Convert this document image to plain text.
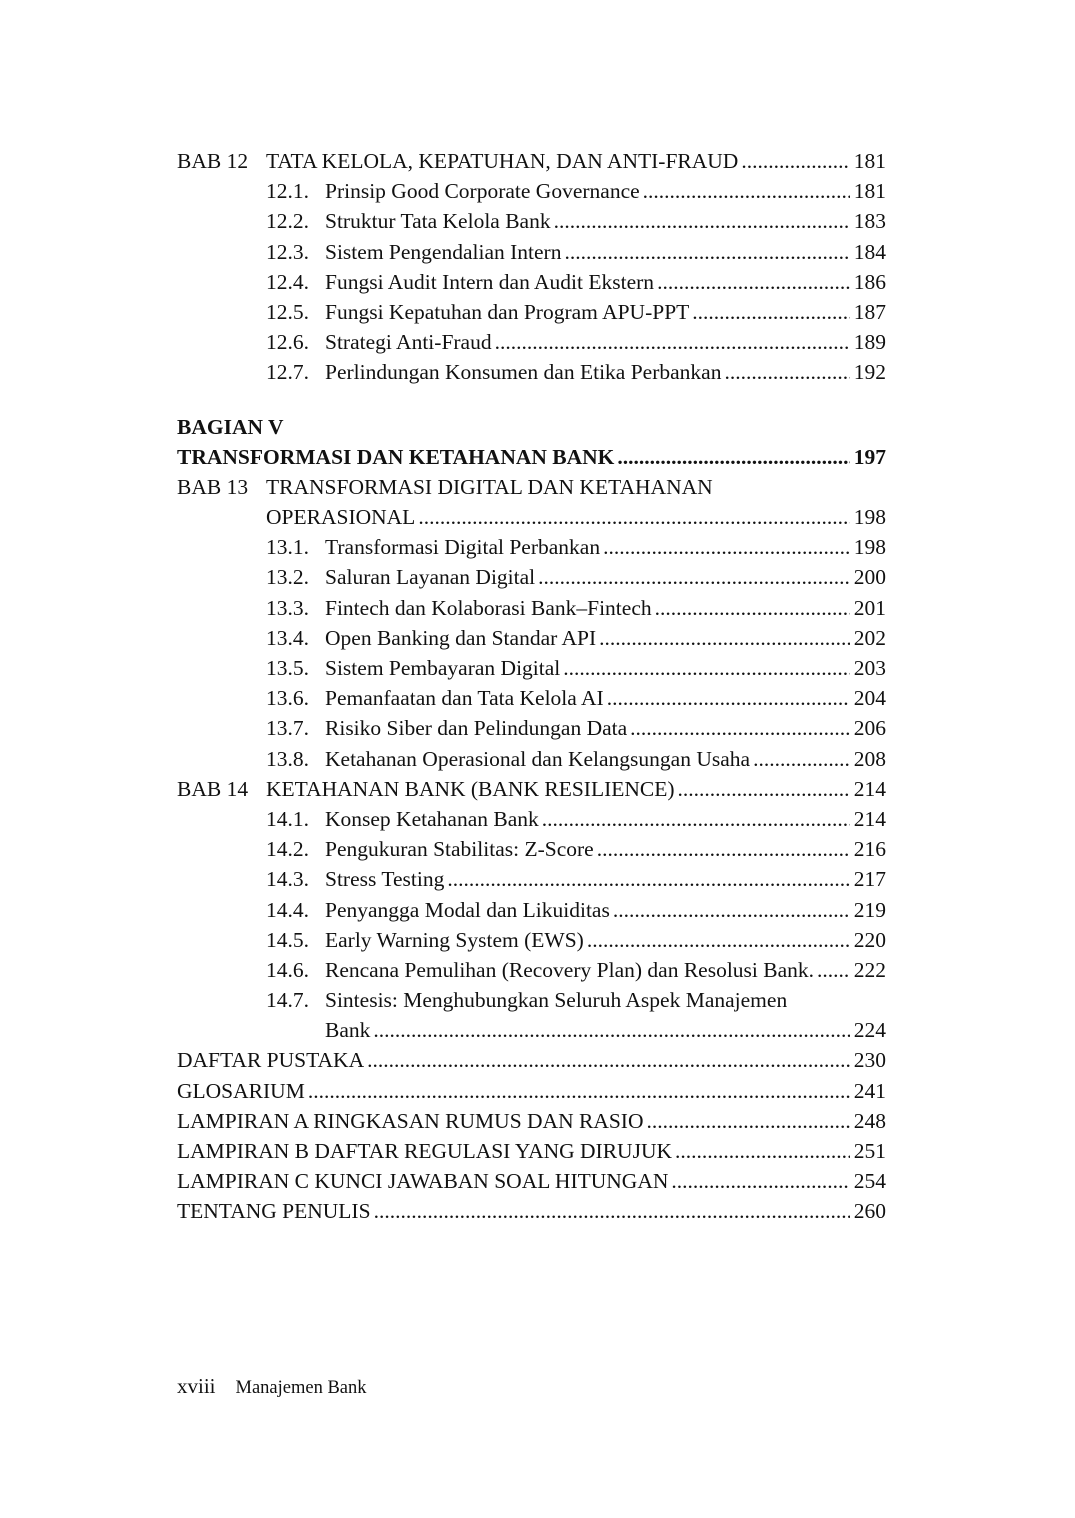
BAB 12 TATA KELOLA, KEPATUHAN, DAN ANTI-FRAUD .....	181
12.1. Prinsip Good Corporate Governance .....	181
12.2. Struktur Tata Kelola Bank .....	183
12.3. Sistem Pengendalian Intern .....	184
12.4. Fungsi Audit Intern dan Audit Ekstern .....	186
12.5. Fungsi Kepatuhan dan Program APU-PPT .....	187
12.6. Strategi Anti-Fraud .....	189
12.7. Perlindungan Konsumen dan Etika Perbankan .....	192
BAGIAN V
TRANSFORMASI DAN KETAHANAN BANK .....	197
BAB 13 TRANSFORMASI DIGITAL DAN KETAHANAN
OPERASIONAL .....	198
13.1. Transformasi Digital Perbankan .....	198
13.2. Saluran Layanan Digital .....	200
13.3. Fintech dan Kolaborasi Bank–Fintech .....	201
13.4. Open Banking dan Standar API .....	202
13.5. Sistem Pembayaran Digital .....	203
13.6. Pemanfaatan dan Tata Kelola AI .....	204
13.7. Risiko Siber dan Pelindungan Data .....	206
13.8. Ketahanan Operasional dan Kelangsungan Usaha .....	208
BAB 14 KETAHANAN BANK (BANK RESILIENCE) .....	214
14.1. Konsep Ketahanan Bank .....	214
14.2. Pengukuran Stabilitas: Z-Score .....	216
14.3. Stress Testing .....	217
14.4. Penyangga Modal dan Likuiditas .....	219
14.5. Early Warning System (EWS) .....	220
14.6. Rencana Pemulihan (Recovery Plan) dan Resolusi Bank. ..... 222
14.7. Sintesis: Menghubungkan Seluruh Aspek Manajemen
Bank .....	224
DAFTAR PUSTAKA .....	230
GLOSARIUM .....	241
LAMPIRAN A RINGKASAN RUMUS DAN RASIO .....	248
LAMPIRAN B DAFTAR REGULASI YANG DIRUJUK .....	251
LAMPIRAN C KUNCI JAWABAN SOAL HITUNGAN .....	254
TENTANG PENULIS .....	260
xviii Manajemen Bank
